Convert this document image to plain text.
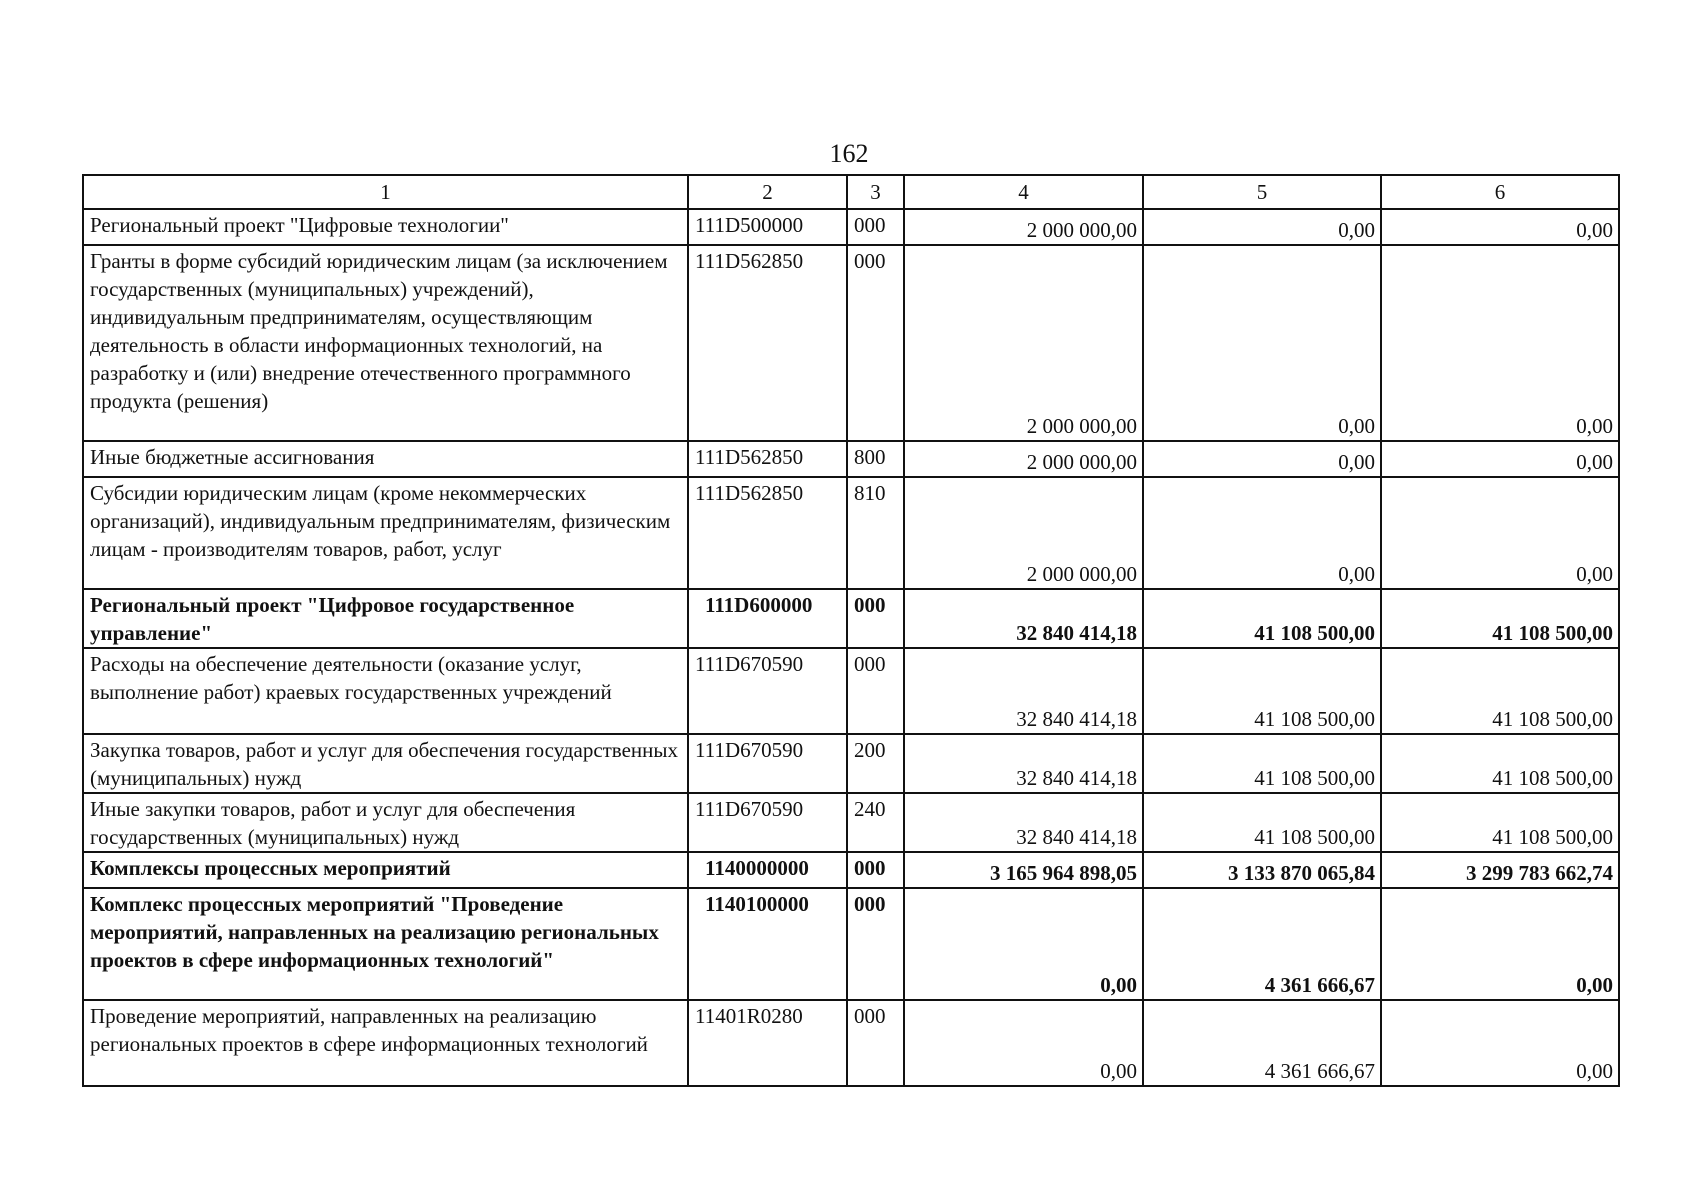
162
1	2	3	4	5	6
Региональный проект "Цифровые технологии"	111D500000	000	2 000 000,00	0,00	0,00
Гранты в форме субсидий юридическим лицам (за исключением государственных (муниципальных) учреждений), индивидуальным предпринимателям, осуществляющим деятельность в области информационных технологий, на разработку и (или) внедрение отечественного программного продукта (решения)	111D562850	000	2 000 000,00	0,00	0,00
Иные бюджетные ассигнования	111D562850	800	2 000 000,00	0,00	0,00
Субсидии юридическим лицам (кроме некоммерческих организаций), индивидуальным предпринимателям, физическим лицам - производителям товаров, работ, услуг	111D562850	810	2 000 000,00	0,00	0,00
Региональный проект "Цифровое государственное управление"	111D600000	000	32 840 414,18	41 108 500,00	41 108 500,00
Расходы на обеспечение деятельности (оказание услуг, выполнение работ) краевых государственных учреждений	111D670590	000	32 840 414,18	41 108 500,00	41 108 500,00
Закупка товаров, работ и услуг для обеспечения государственных (муниципальных) нужд	111D670590	200	32 840 414,18	41 108 500,00	41 108 500,00
Иные закупки товаров, работ и услуг для обеспечения государственных (муниципальных) нужд	111D670590	240	32 840 414,18	41 108 500,00	41 108 500,00
Комплексы процессных мероприятий	1140000000	000	3 165 964 898,05	3 133 870 065,84	3 299 783 662,74
Комплекс процессных мероприятий "Проведение мероприятий, направленных на реализацию региональных проектов в сфере информационных технологий"	1140100000	000	0,00	4 361 666,67	0,00
Проведение мероприятий, направленных на реализацию региональных проектов в сфере информационных технологий	11401R0280	000	0,00	4 361 666,67	0,00
